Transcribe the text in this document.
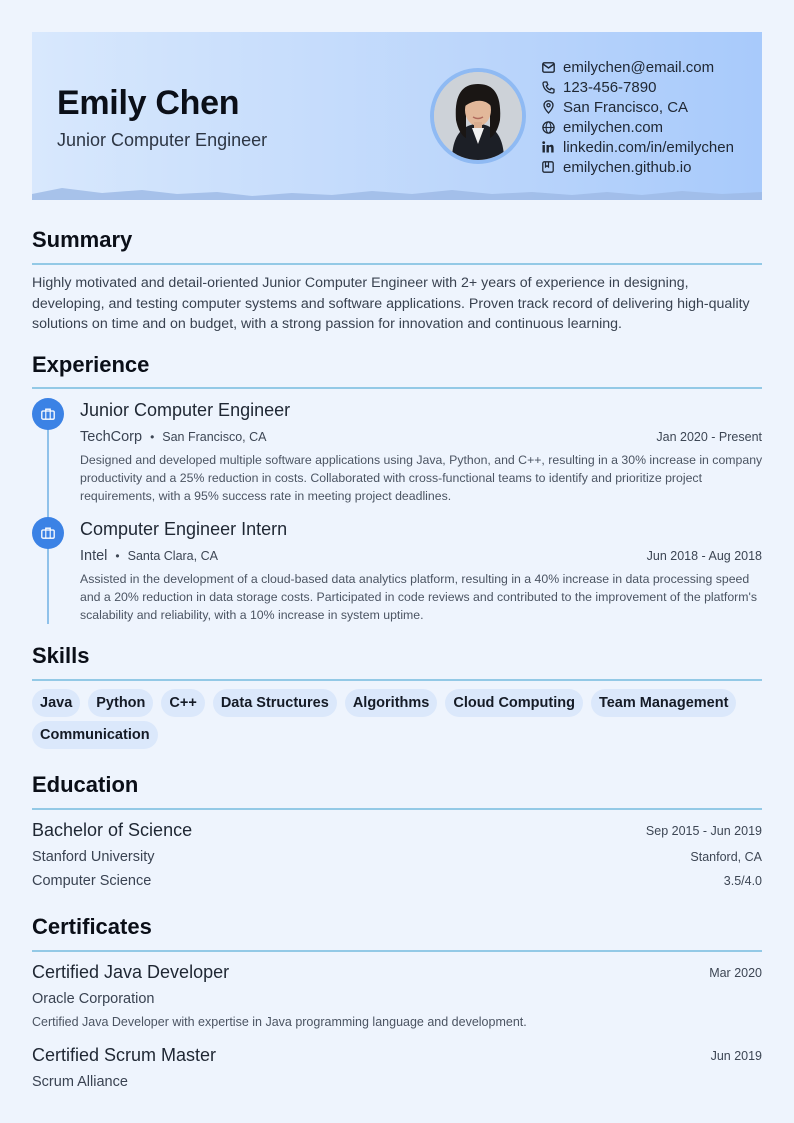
Emily Chen
Junior Computer Engineer
emilychen@email.com
123-456-7890
San Francisco, CA
emilychen.com
linkedin.com/in/emilychen
emilychen.github.io
Summary
Highly motivated and detail-oriented Junior Computer Engineer with 2+ years of experience in designing, developing, and testing computer systems and software applications. Proven track record of delivering high-quality solutions on time and on budget, with a strong passion for innovation and continuous learning.
Experience
Junior Computer Engineer
TechCorp • San Francisco, CA	Jan 2020 - Present
Designed and developed multiple software applications using Java, Python, and C++, resulting in a 30% increase in company productivity and a 25% reduction in costs. Collaborated with cross-functional teams to identify and prioritize project requirements, with a 95% success rate in meeting project deadlines.
Computer Engineer Intern
Intel • Santa Clara, CA	Jun 2018 - Aug 2018
Assisted in the development of a cloud-based data analytics platform, resulting in a 40% increase in data processing speed and a 20% reduction in data storage costs. Participated in code reviews and contributed to the improvement of the platform's scalability and reliability, with a 10% increase in system uptime.
Skills
Java	Python	C++	Data Structures	Algorithms	Cloud Computing	Team Management
Communication
Education
Bachelor of Science	Sep 2015 - Jun 2019
Stanford University	Stanford, CA
Computer Science	3.5/4.0
Certificates
Certified Java Developer	Mar 2020
Oracle Corporation
Certified Java Developer with expertise in Java programming language and development.
Certified Scrum Master	Jun 2019
Scrum Alliance
